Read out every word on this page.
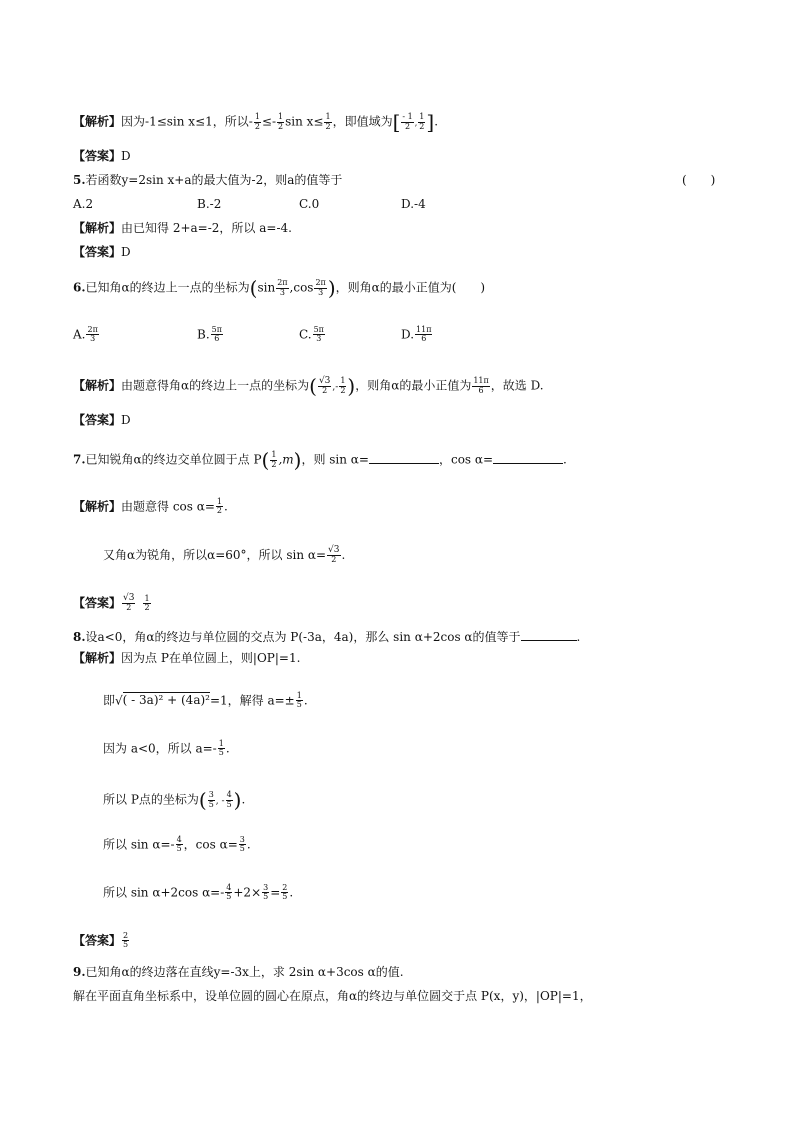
【解析】因为-1≤sin x≤1，所以- $\frac{1}{2} \le- \frac{1}{2}$ $\sin x\le \frac{1}{2}$ ，即值域为[ $\frac{- 1}{2}$ , $\frac{1}{2}$ ].
【答案】D
5.若函数y=2sin x+a的最大值为-2，则a的值等于	(　　)
A.2	B.-2	C.0	D.-4
【解析】由已知得 2+a=-2，所以 a=-4.
【答案】D
6.已知角α的终边上一点的坐标为($\sin \frac{2\pi}{3} ,\cos \frac{2\pi}{3}$ )，则角α的最小正值为(　　)
A. $\frac{2\pi}{3}$	B. $\frac{5\pi}{6}$	C. $\frac{5\pi}{3}$	D. $\frac{11\pi}{6}$
【解析】由题意得角α的终边上一点的坐标为( $\frac{√3}{2}$ ,- $\frac{1}{2}$ )，则角α的最小正值为 $\frac{11\pi}{6}$ ，故选 D.
【答案】D
7.已知锐角α的终边交单位圆于点 $P( \frac{1}{2} ,m)$，则 sin α=	，cos α=	.
【解析】由题意得 $\cos \alpha= \frac{1}{2}$ .
又角α为锐角，所以α=60°，所以 $\sin \alpha= \frac{√3}{2}$ .
【答案】 $\frac{√3}{2} \frac{1}{2}$
8.设a<0，角α的终边与单位圆的交点为 P(-3a，4a)，那么 sin α+2cos α的值等于	.
【解析】因为点 P在单位圆上，则|OP|=1.
即√( - 3a)² + (4a)²=1，解得 $a=\pm \frac{1}{5}$ .
因为 a<0，所以 $a=- \frac{1}{5}$ .
所以 P点的坐标为( $\frac{3}{5}$ , - $\frac{4}{5}$ ).
所以 $\sin \alpha=- \frac{4}{5}$ ，$\cos \alpha= \frac{3}{5}$ .
所以 sin α+2cos $\alpha=- \frac{4}{5} +2\times \frac{3}{5} = \frac{2}{5}$ .
【答案】 $\frac{2}{5}$
9.已知角α的终边落在直线y=-3x上，求 2sin α+3cos α的值.
解在平面直角坐标系中，设单位圆的圆心在原点，角α的终边与单位圆交于点 P(x，y)，|OP|=1，
